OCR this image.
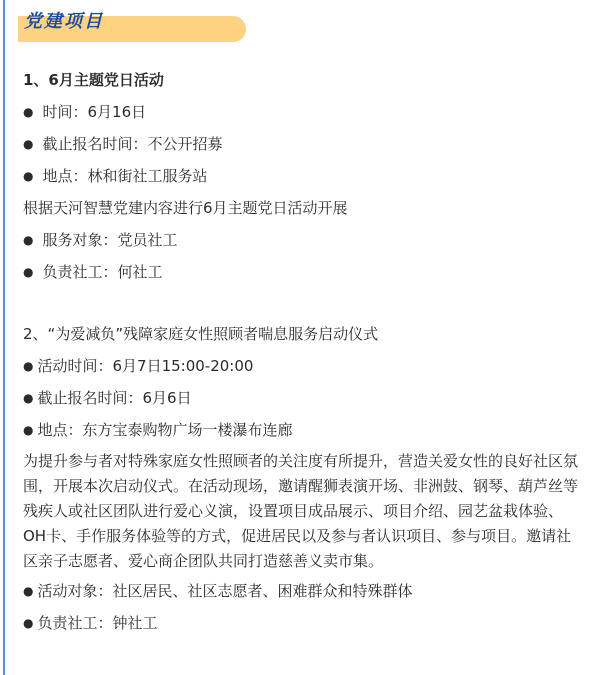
党建项目
1、6月主题党日活动
● 时间：6月16日
● 截止报名时间：不公开招募
● 地点：林和街社工服务站
根据天河智慧党建内容进行6月主题党日活动开展
● 服务对象：党员社工
● 负责社工：何社工
2、“为爱减负”残障家庭女性照顾者喘息服务启动仪式
● 活动时间：6月7日15:00-20:00
● 截止报名时间：6月6日
● 地点：东方宝泰购物广场一楼瀑布连廊
为提升参与者对特殊家庭女性照顾者的关注度有所提升，营造关爱女性的良好社区氛围，开展本次启动仪式。在活动现场，邀请醒狮表演开场、非洲鼓、钢琴、葫芦丝等残疾人或社区团队进行爱心义演，设置项目成品展示、项目介绍、园艺盆栽体验、OH卡、手作服务体验等的方式，促进居民以及参与者认识项目、参与项目。邀请社区亲子志愿者、爱心商企团队共同打造慈善义卖市集。
● 活动对象：社区居民、社区志愿者、困难群众和特殊群体
● 负责社工：钟社工
